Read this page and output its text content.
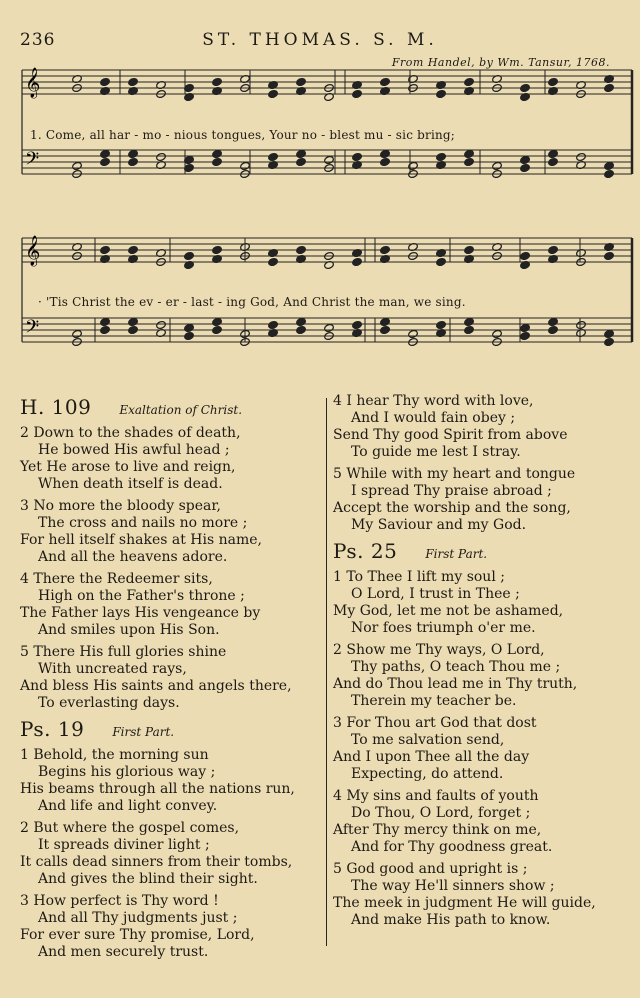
236	ST. THOMAS. S. M.
From Handel, by Wm. Tansur, 1768.
𝄞
𝄢
𝄞
𝄢
1. Come, all har - mo - nious tongues, Your no - blest mu - sic bring;
· 'Tis Christ the ev - er - last - ing God, And Christ the man, we sing.
H. 109 Exaltation of Christ.
2 Down to the shades of death,
He bowed His awful head ;
Yet He arose to live and reign,
When death itself is dead.
3 No more the bloody spear,
The cross and nails no more ;
For hell itself shakes at His name,
And all the heavens adore.
4 There the Redeemer sits,
High on the Father's throne ;
The Father lays His vengeance by
And smiles upon His Son.
5 There His full glories shine
With uncreated rays,
And bless His saints and angels there,
To everlasting days.
Ps. 19 First Part.
1 Behold, the morning sun
Begins his glorious way ;
His beams through all the nations run,
And life and light convey.
2 But where the gospel comes,
It spreads diviner light ;
It calls dead sinners from their tombs,
And gives the blind their sight.
3 How perfect is Thy word !
And all Thy judgments just ;
For ever sure Thy promise, Lord,
And men securely trust.
4 I hear Thy word with love,
And I would fain obey ;
Send Thy good Spirit from above
To guide me lest I stray.
5 While with my heart and tongue
I spread Thy praise abroad ;
Accept the worship and the song,
My Saviour and my God.
Ps. 25 First Part.
1 To Thee I lift my soul ;
O Lord, I trust in Thee ;
My God, let me not be ashamed,
Nor foes triumph o'er me.
2 Show me Thy ways, O Lord,
Thy paths, O teach Thou me ;
And do Thou lead me in Thy truth,
Therein my teacher be.
3 For Thou art God that dost
To me salvation send,
And I upon Thee all the day
Expecting, do attend.
4 My sins and faults of youth
Do Thou, O Lord, forget ;
After Thy mercy think on me,
And for Thy goodness great.
5 God good and upright is ;
The way He'll sinners show ;
The meek in judgment He will guide,
And make His path to know.
